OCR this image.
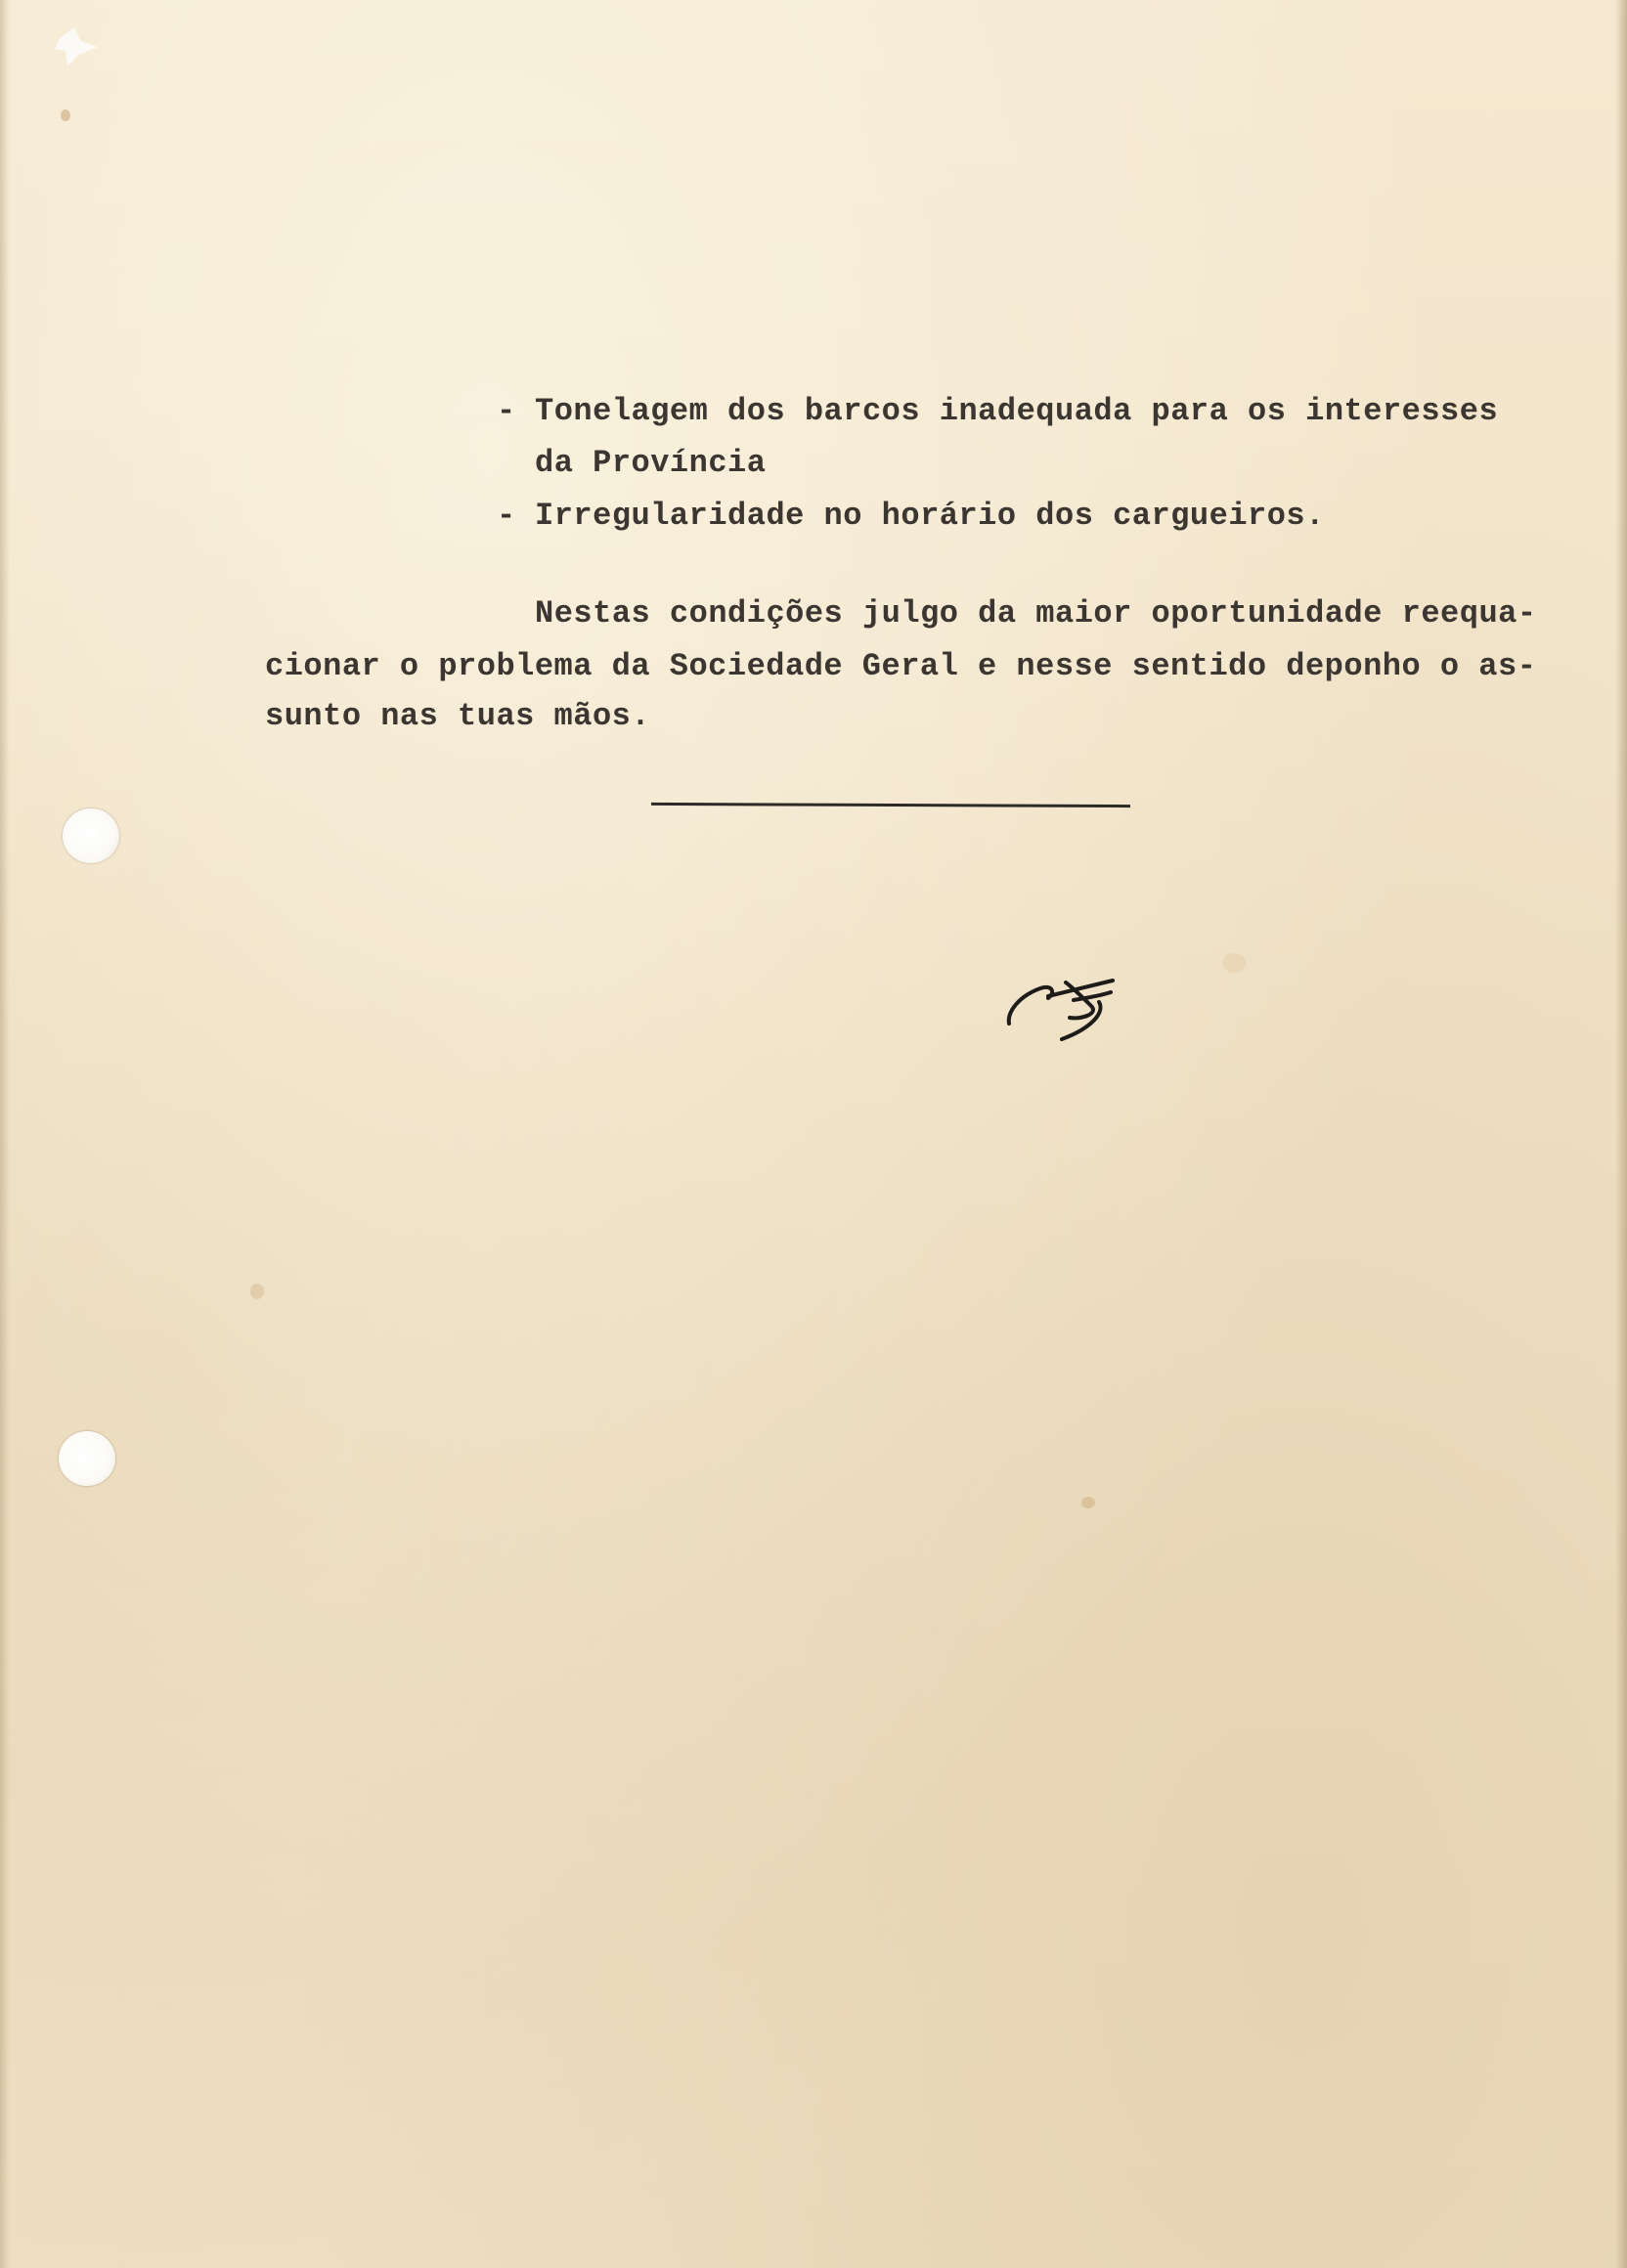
- Tonelagem dos barcos inadequada para os interesses

da Província

- Irregularidade no horário dos cargueiros.

Nestas condições julgo da maior oportunidade reequa-

cionar o problema da Sociedade Geral e nesse sentido deponho o as-

sunto nas tuas mãos.
